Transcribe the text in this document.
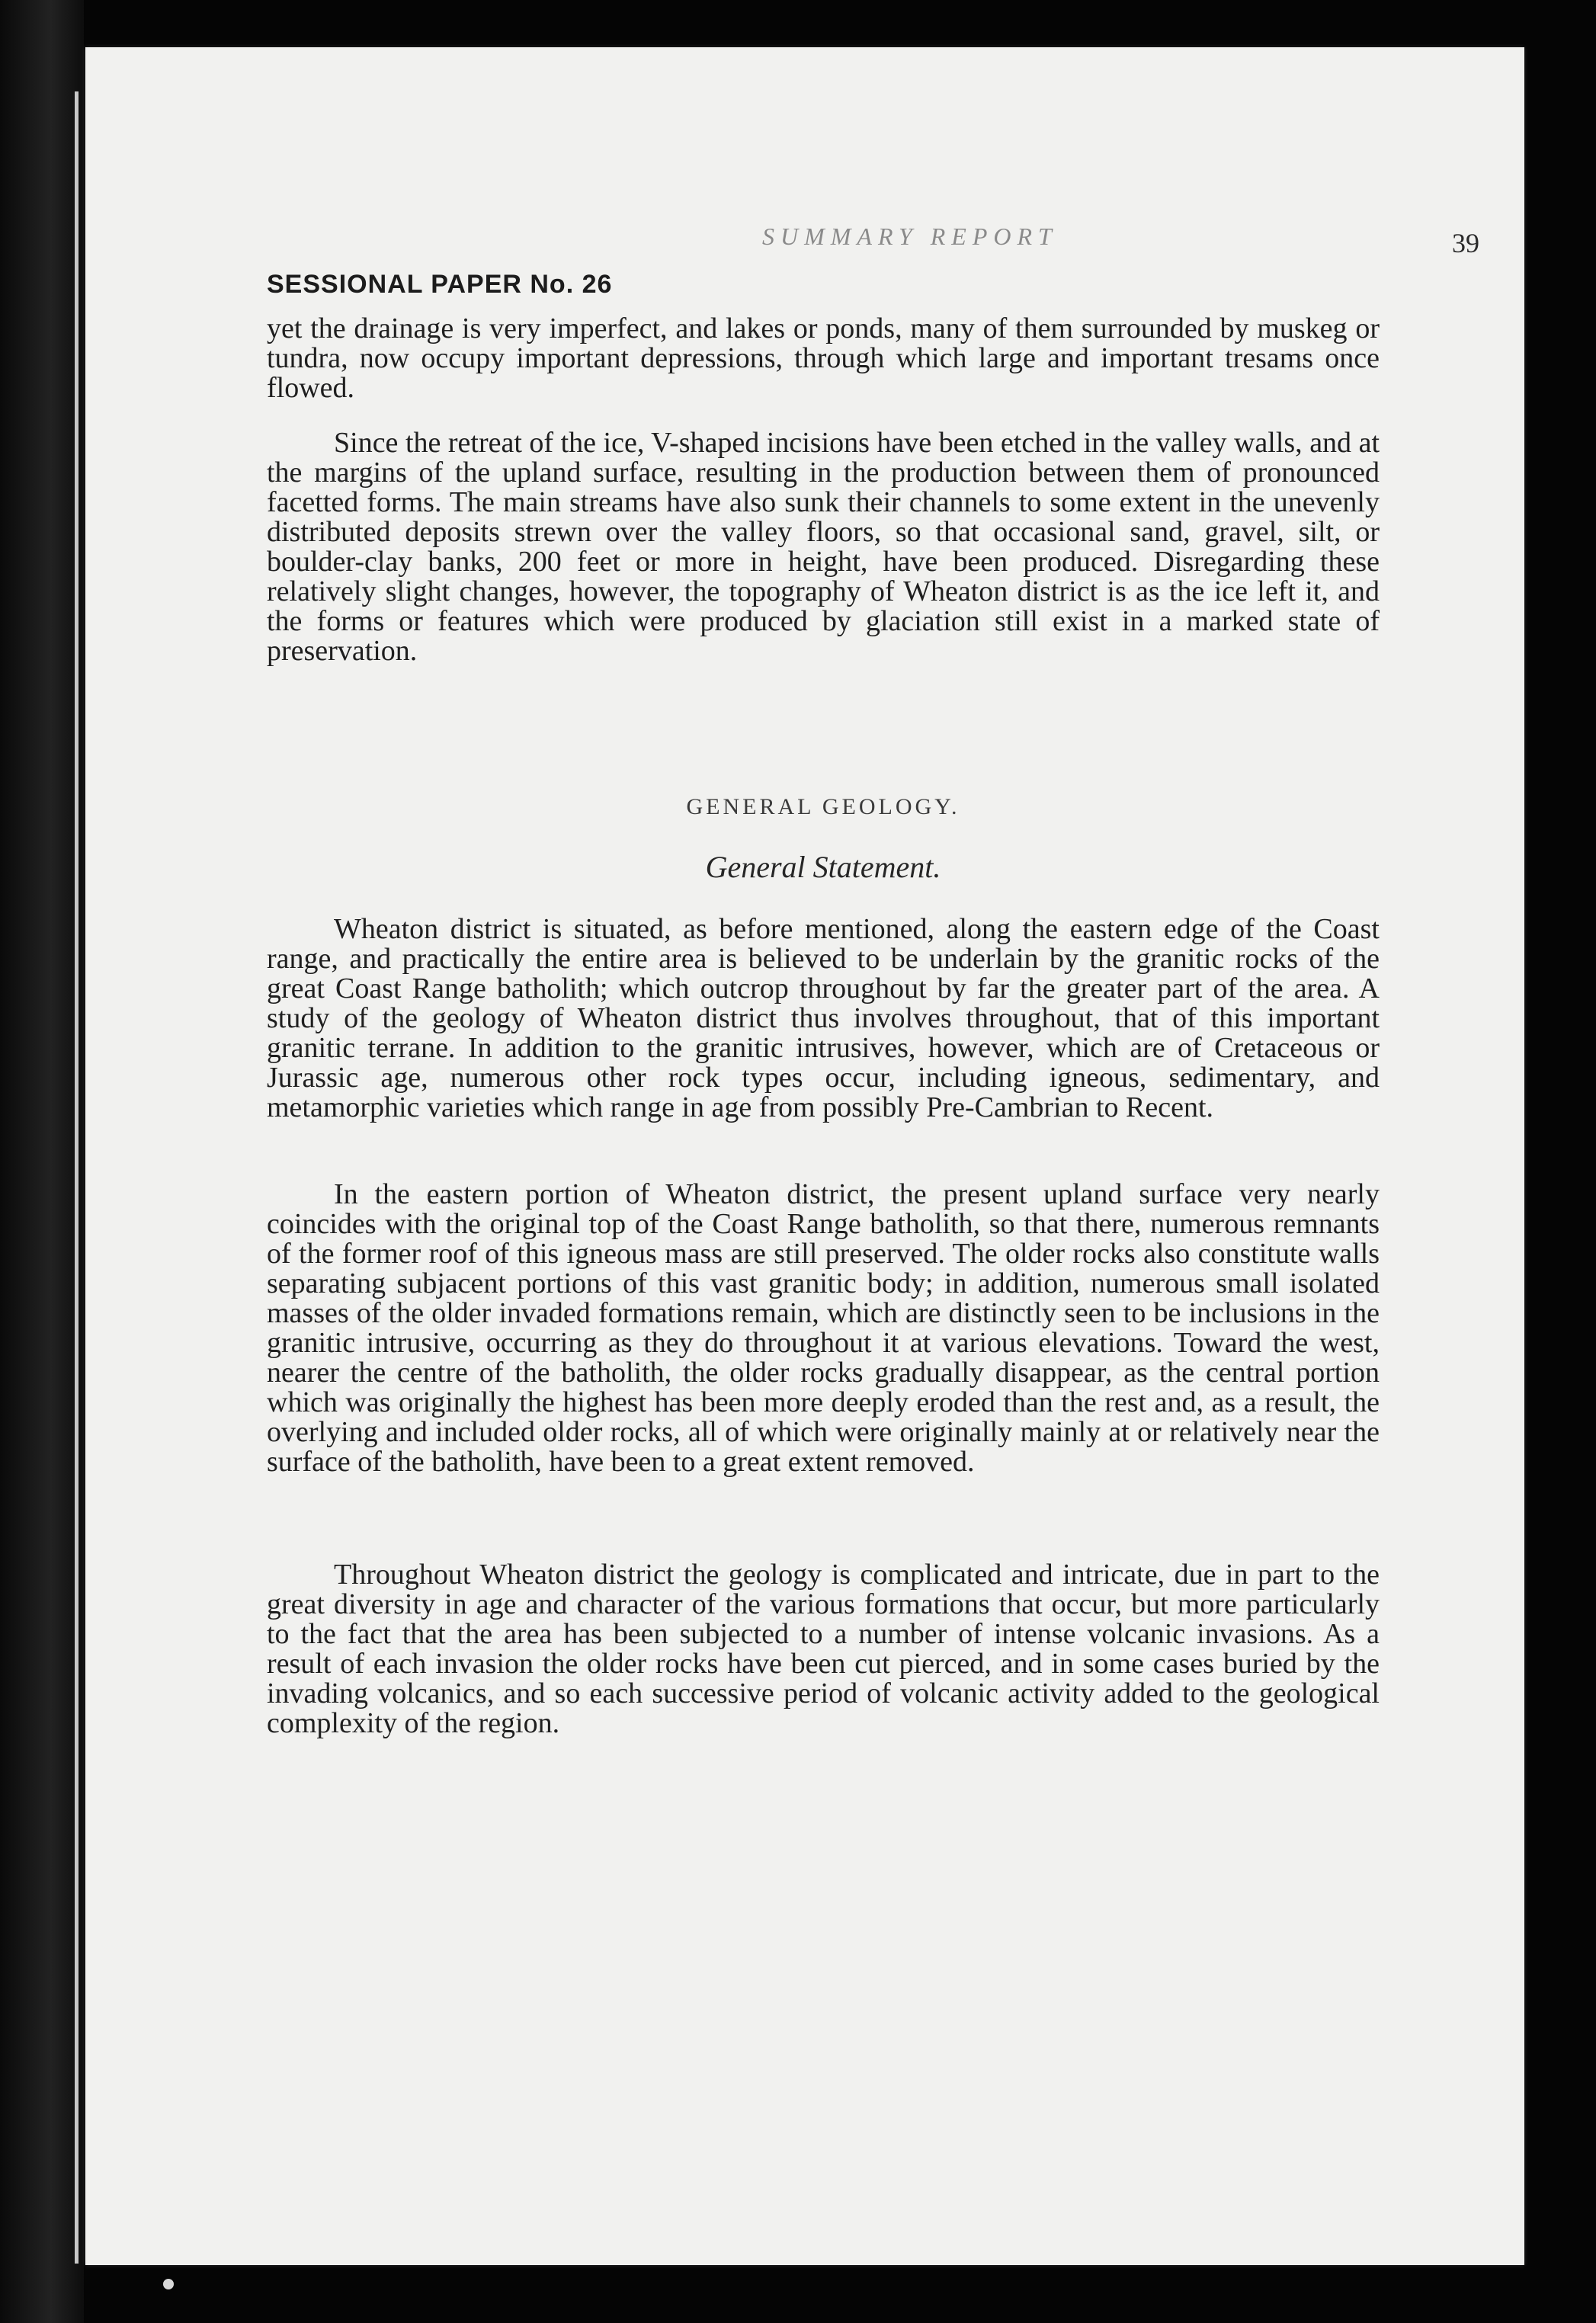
SUMMARY REPORT	39
SESSIONAL PAPER No. 26

yet the drainage is very imperfect, and lakes or ponds, many of them surrounded by muskeg or tundra, now occupy important depressions, through which large and important tresams once flowed.

Since the retreat of the ice, V-shaped incisions have been etched in the valley walls, and at the margins of the upland surface, resulting in the production between them of pronounced facetted forms. The main streams have also sunk their channels to some extent in the unevenly distributed deposits strewn over the valley floors, so that occasional sand, gravel, silt, or boulder-clay banks, 200 feet or more in height, have been produced. Disregarding these relatively slight changes, however, the topography of Wheaton district is as the ice left it, and the forms or features which were produced by glaciation still exist in a marked state of preservation.

GENERAL GEOLOGY.
General Statement.

Wheaton district is situated, as before mentioned, along the eastern edge of the Coast range, and practically the entire area is believed to be underlain by the granitic rocks of the great Coast Range batholith; which outcrop throughout by far the greater part of the area. A study of the geology of Wheaton district thus involves throughout, that of this important granitic terrane. In addition to the granitic intrusives, however, which are of Cretaceous or Jurassic age, numerous other rock types occur, including igneous, sedimentary, and metamorphic varieties which range in age from possibly Pre-Cambrian to Recent.

In the eastern portion of Wheaton district, the present upland surface very nearly coincides with the original top of the Coast Range batholith, so that there, numerous remnants of the former roof of this igneous mass are still preserved. The older rocks also constitute walls separating subjacent portions of this vast granitic body; in addition, numerous small isolated masses of the older invaded formations remain, which are distinctly seen to be inclusions in the granitic intrusive, occurring as they do throughout it at various elevations. Toward the west, nearer the centre of the batholith, the older rocks gradually disappear, as the central portion which was originally the highest has been more deeply eroded than the rest and, as a result, the overlying and included older rocks, all of which were originally mainly at or relatively near the surface of the batholith, have been to a great extent removed.

Throughout Wheaton district the geology is complicated and intricate, due in part to the great diversity in age and character of the various formations that occur, but more particularly to the fact that the area has been subjected to a number of intense volcanic invasions. As a result of each invasion the older rocks have been cut pierced, and in some cases buried by the invading volcanics, and so each successive period of volcanic activity added to the geological complexity of the region.
